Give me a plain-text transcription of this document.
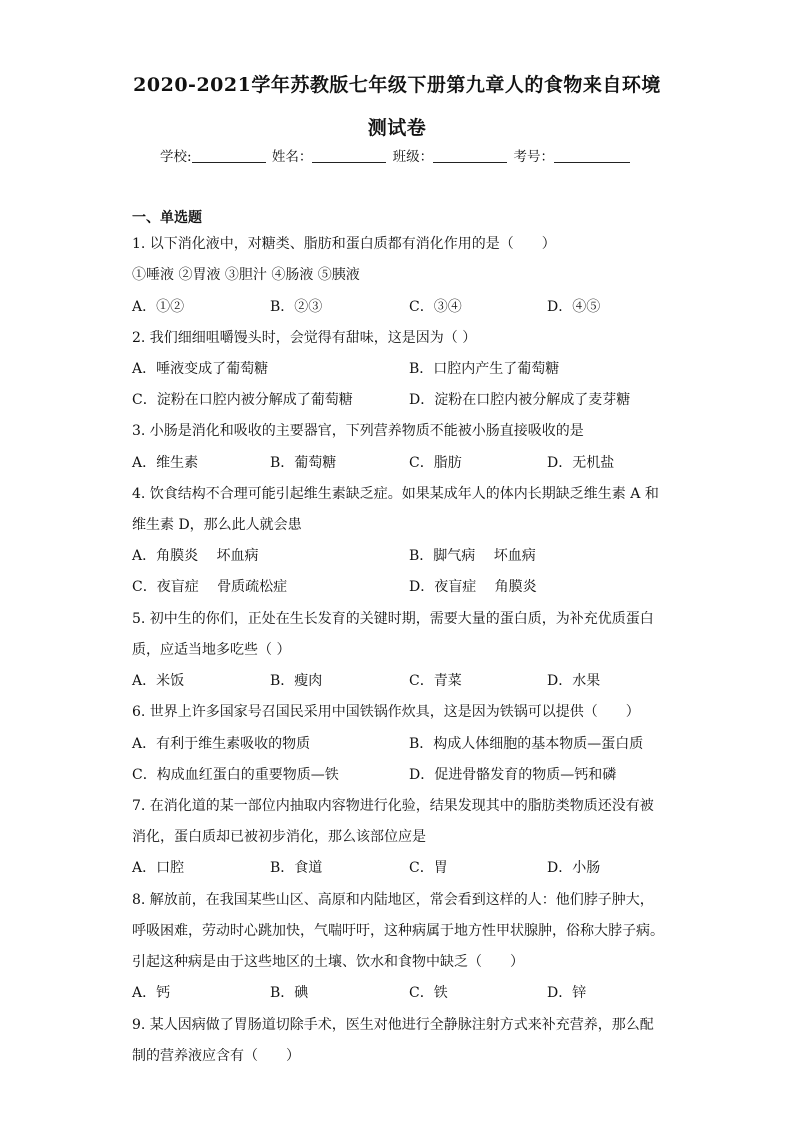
2020-2021学年苏教版七年级下册第九章人的食物来自环境
测试卷
学校:	姓名：	班级：	考号：
一、单选题
1. 以下消化液中，对糖类、脂肪和蛋白质都有消化作用的是（　　）
①唾液 ②胃液 ③胆汁 ④肠液 ⑤胰液
A．①②	B．②③	C．③④	D．④⑤
2. 我们细细咀嚼馒头时，会觉得有甜味，这是因为（ ）
A．唾液变成了葡萄糖	B．口腔内产生了葡萄糖
C．淀粉在口腔内被分解成了葡萄糖	D．淀粉在口腔内被分解成了麦芽糖
3. 小肠是消化和吸收的主要器官，下列营养物质不能被小肠直接吸收的是
A．维生素	B．葡萄糖	C．脂肪	D．无机盐
4. 饮食结构不合理可能引起维生素缺乏症。如果某成年人的体内长期缺乏维生素 A 和
维生素 D，那么此人就会患
A．角膜炎　 坏血病	B．脚气病　 坏血病
C．夜盲症　 骨质疏松症	D．夜盲症　 角膜炎
5. 初中生的你们，正处在生长发育的关键时期，需要大量的蛋白质，为补充优质蛋白
质，应适当地多吃些（ ）
A．米饭	B．瘦肉	C．青菜	D．水果
6. 世界上许多国家号召国民采用中国铁锅作炊具，这是因为铁锅可以提供（　　）
A．有利于维生素吸收的物质	B．构成人体细胞的基本物质—蛋白质
C．构成血红蛋白的重要物质—铁	D．促进骨骼发育的物质—钙和磷
7. 在消化道的某一部位内抽取内容物进行化验，结果发现其中的脂肪类物质还没有被
消化，蛋白质却已被初步消化，那么该部位应是
A．口腔	B．食道	C．胃	D．小肠
8. 解放前，在我国某些山区、高原和内陆地区，常会看到这样的人：他们脖子肿大，
呼吸困难，劳动时心跳加快，气喘吁吁，这种病属于地方性甲状腺肿，俗称大脖子病。
引起这种病是由于这些地区的土壤、饮水和食物中缺乏（　　）
A．钙	B．碘	C．铁	D．锌
9. 某人因病做了胃肠道切除手术，医生对他进行全静脉注射方式来补充营养，那么配
制的营养液应含有（　　）
